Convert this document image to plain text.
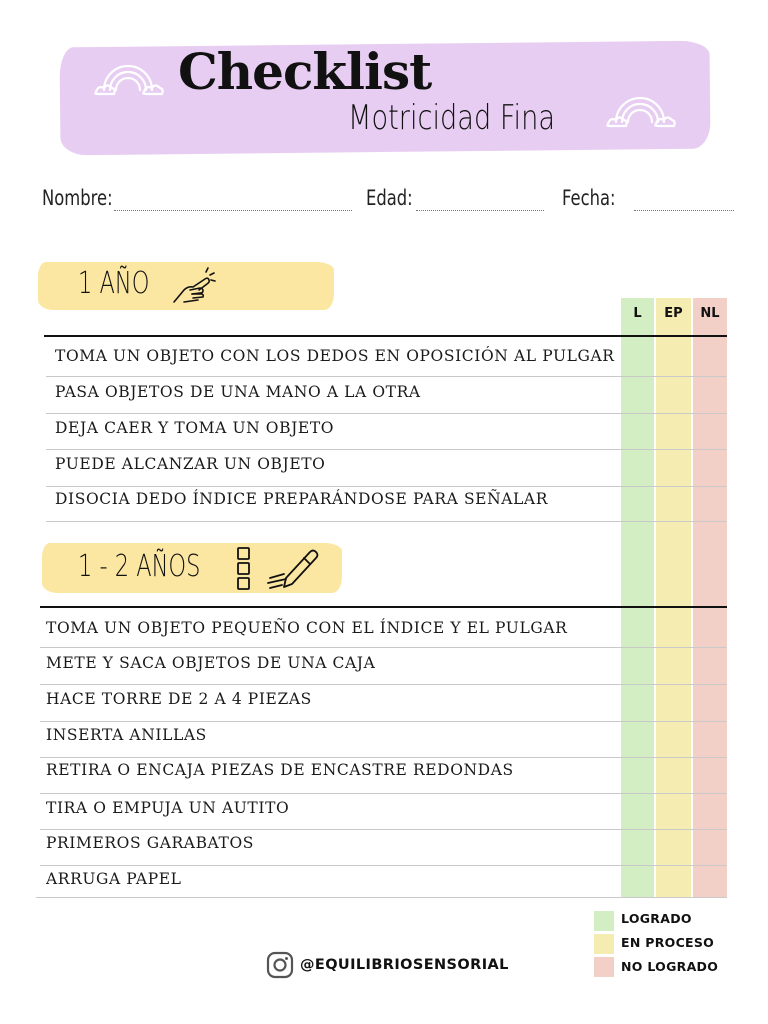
Checklist
Motricidad Fina
Nombre:	Edad:	Fecha:
L	EP	NL
1 AÑO
TOMA UN OBJETO CON LOS DEDOS EN OPOSICIÓN AL PULGAR
PASA OBJETOS DE UNA MANO A LA OTRA
DEJA CAER Y TOMA UN OBJETO
PUEDE ALCANZAR UN OBJETO
DISOCIA DEDO ÍNDICE PREPARÁNDOSE PARA SEÑALAR
1 - 2 AÑOS
TOMA UN OBJETO PEQUEÑO CON EL ÍNDICE Y EL PULGAR
METE Y SACA OBJETOS DE UNA CAJA
HACE TORRE DE 2 A 4 PIEZAS
INSERTA ANILLAS
RETIRA O ENCAJA PIEZAS DE ENCASTRE REDONDAS
TIRA O EMPUJA UN AUTITO
PRIMEROS GARABATOS
ARRUGA PAPEL
LOGRADO
EN PROCESO
NO LOGRADO
@EQUILIBRIOSENSORIAL
